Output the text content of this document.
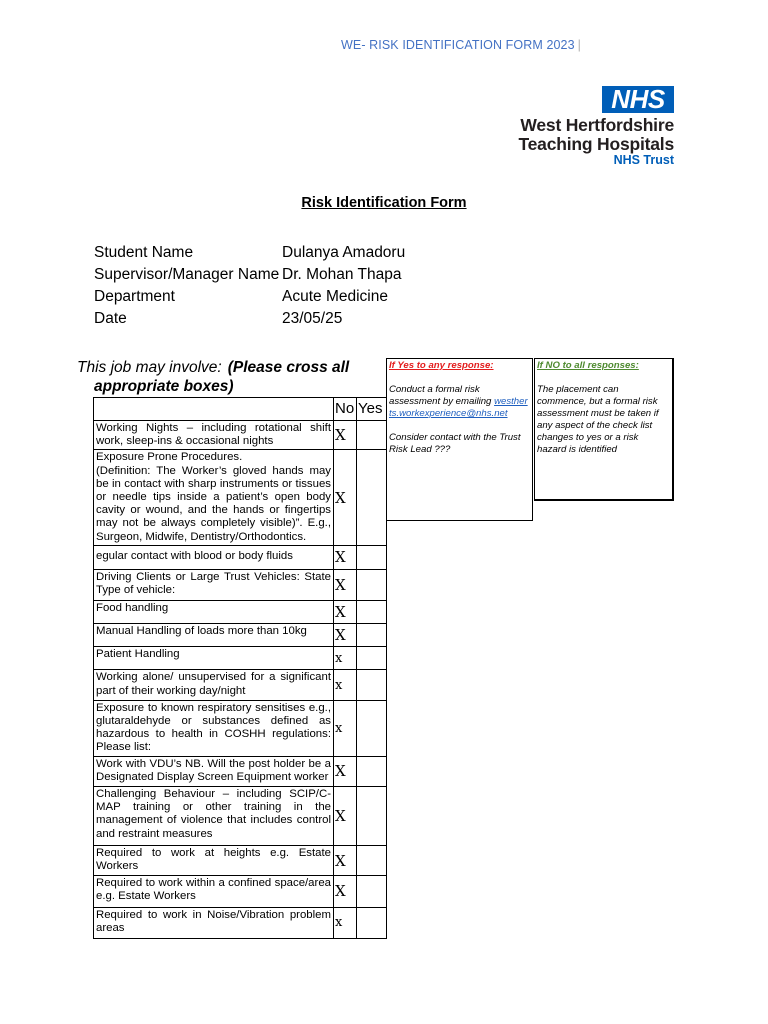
WE- RISK IDENTIFICATION FORM 2023 |
NHS
West Hertfordshire
Teaching Hospitals
NHS Trust
Risk Identification Form
Student Name	Dulanya Amadoru
Supervisor/Manager Name Dr. Mohan Thapa
Department	Acute Medicine
Date	23/05/25
This job may involve: (Please cross all
appropriate boxes)
	No	Yes
Working Nights – including rotational shift work, sleep-ins & occasional nights	X	
Exposure Prone Procedures.

(Definition: The Worker’s gloved hands may be in contact with sharp instruments or tissues or needle tips inside a patient’s open body cavity or wound, and the hands or fingertips may not be always completely visible)”. E.g., Surgeon, Midwife, Dentistry/Orthodontics.	X	
egular contact with blood or body fluids	X	
Driving Clients or Large Trust Vehicles: State Type of vehicle:	X	
Food handling	X	
Manual Handling of loads more than 10kg	X	
Patient Handling	x	
Working alone/ unsupervised for a significant part of their working day/night	x	
Exposure to known respiratory sensitises e.g., glutaraldehyde or substances defined as hazardous to health in COSHH regulations: Please list:	x	
Work with VDU’s NB. Will the post holder be a Designated Display Screen Equipment worker	X	
Challenging Behaviour – including SCIP/C-MAP training or other training in the management of violence that includes control and restraint measures	X	
Required to work at heights e.g. Estate Workers	X	
Required to work within a confined space/area e.g. Estate Workers	X	
Required to work in Noise/Vibration problem areas	x	
If Yes to any response:
Conduct a formal risk assessment by emailing westherts.workexperience@nhs.net
Consider contact with the Trust Risk Lead ???
If NO to all responses:
The placement can commence, but a formal risk assessment must be taken if any aspect of the check list changes to yes or a risk hazard is identified
